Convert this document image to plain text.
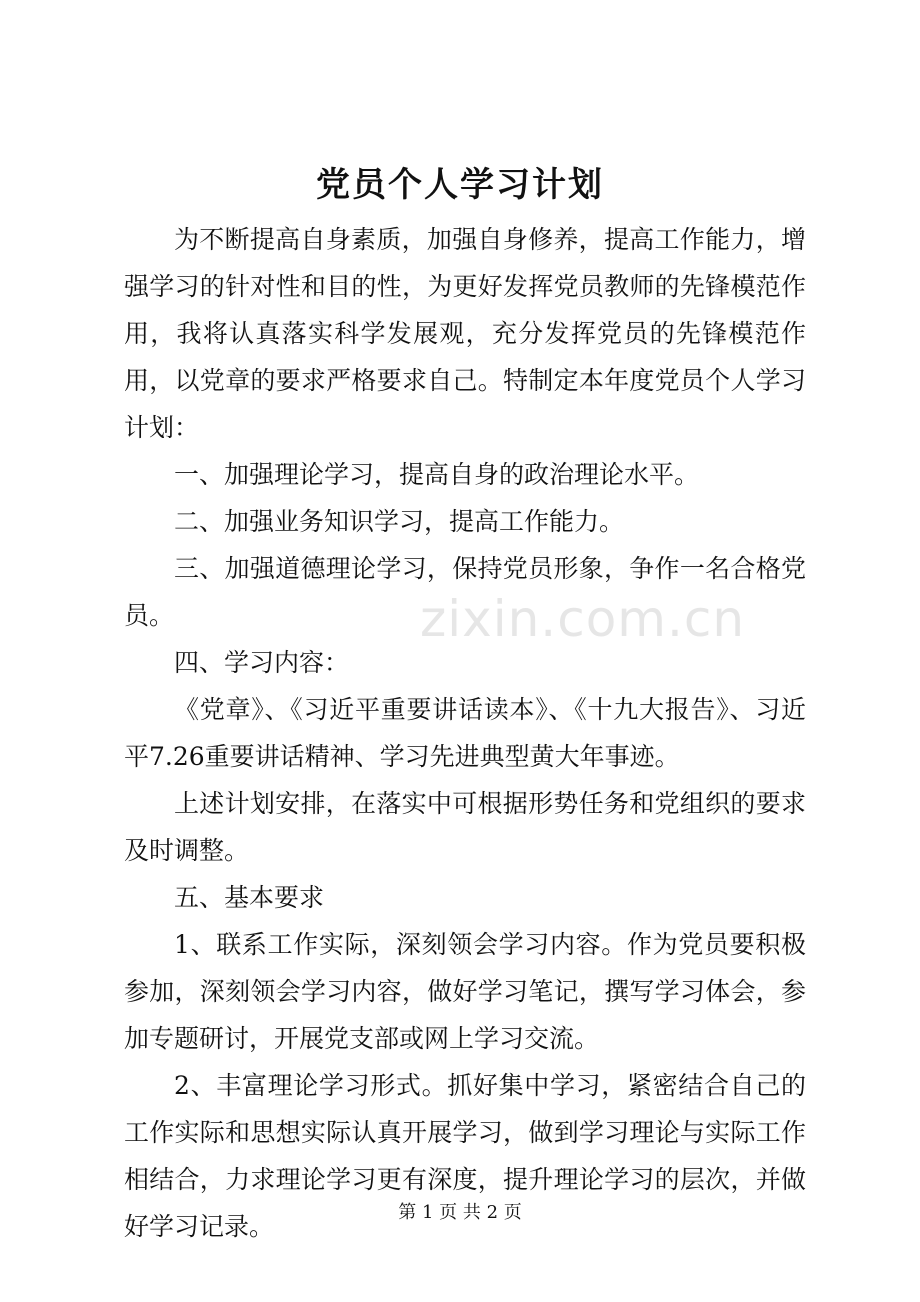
zixin.com.cn
党员个人学习计划

为不断提高自身素质，加强自身修养，提高工作能力，增强学习的针对性和目的性，为更好发挥党员教师的先锋模范作用，我将认真落实科学发展观，充分发挥党员的先锋模范作用，以党章的要求严格要求自己。特制定本年度党员个人学习计划：

一、加强理论学习，提高自身的政治理论水平。

二、加强业务知识学习，提高工作能力。

三、加强道德理论学习，保持党员形象，争作一名合格党员。

四、学习内容：

《党章》、《习近平重要讲话读本》、《十九大报告》、习近平7.26重要讲话精神、学习先进典型黄大年事迹。

上述计划安排，在落实中可根据形势任务和党组织的要求及时调整。

五、基本要求

1、联系工作实际，深刻领会学习内容。作为党员要积极参加，深刻领会学习内容，做好学习笔记，撰写学习体会，参加专题研讨，开展党支部或网上学习交流。

2、丰富理论学习形式。抓好集中学习，紧密结合自己的工作实际和思想实际认真开展学习，做到学习理论与实际工作相结合，力求理论学习更有深度，提升理论学习的层次，并做好学习记录。	第 1 页 共 2 页
